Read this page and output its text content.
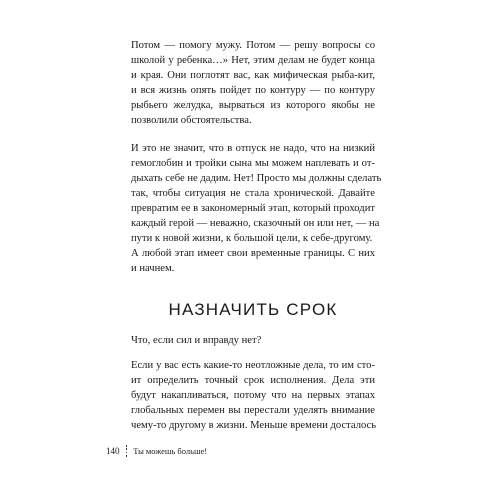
Потом — помогу мужу. Потом — решу вопросы со
школой у ребенка…» Нет, этим делам не будет конца
и края. Они поглотят вас, как мифическая рыба-кит,
и вся жизнь опять пойдет по контуру — по контуру
рыбьего желудка, вырваться из которого якобы не
позволили обстоятельства.

И это не значит, что в отпуск не надо, что на низкий
гемоглобин и тройки сына мы можем наплевать и от-
дыхать себе не дадим. Нет! Просто мы должны сделать
так, чтобы ситуация не стала хронической. Давайте
превратим ее в закономерный этап, который проходит
каждый герой — неважно, сказочный он или нет, — на
пути к новой жизни, к большой цели, к себе-другому.

А любой этап имеет свои временные границы. С них
и начнем.

НАЗНАЧИТЬ СРОК

Что, если сил и вправду нет?

Если у вас есть какие-то неотложные дела, то им сто-
ит определить точный срок исполнения. Дела эти
будут накапливаться, потому что на первых этапах
глобальных перемен вы перестали уделять внимание
чему-то другому в жизни. Меньше времени досталось

140 Ты можешь больше!
